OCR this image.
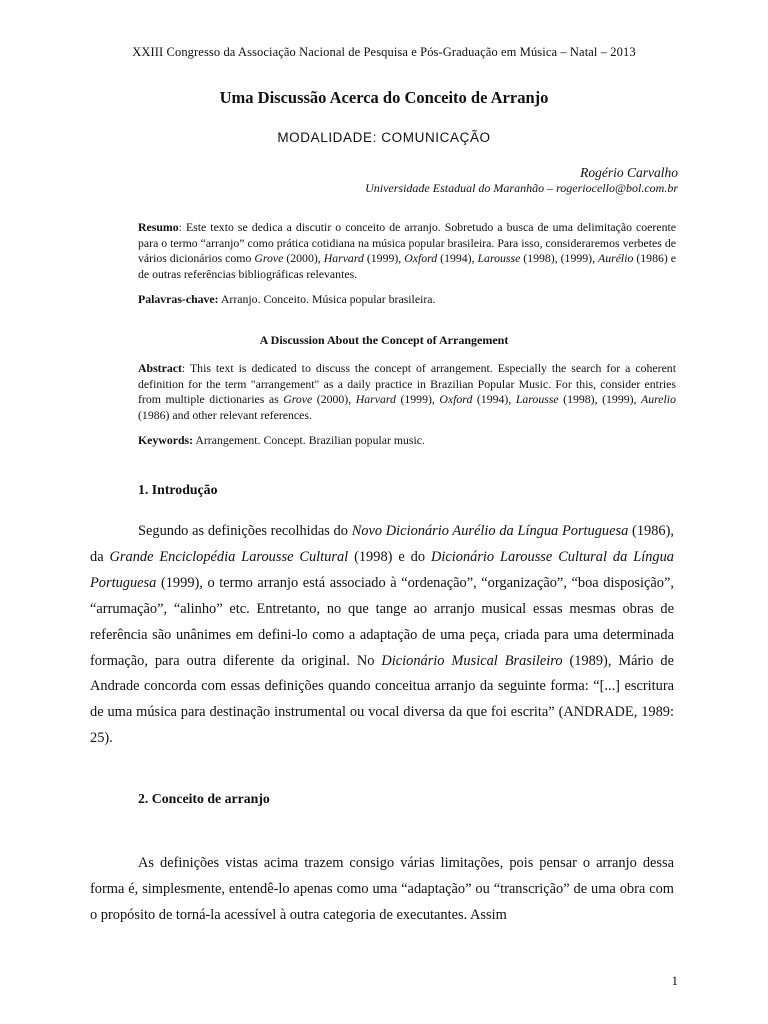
XXIII Congresso da Associação Nacional de Pesquisa e Pós-Graduação em Música – Natal – 2013
Uma Discussão Acerca do Conceito de Arranjo
MODALIDADE: COMUNICAÇÃO
Rogério Carvalho
Universidade Estadual do Maranhão – rogeriocello@bol.com.br
Resumo: Este texto se dedica a discutir o conceito de arranjo. Sobretudo a busca de uma delimitação coerente para o termo “arranjo” como prática cotidiana na música popular brasileira. Para isso, consideraremos verbetes de vários dicionários como Grove (2000), Harvard (1999), Oxford (1994), Larousse (1998), (1999), Aurélio (1986) e de outras referências bibliográficas relevantes.
Palavras-chave: Arranjo. Conceito. Música popular brasileira.
A Discussion About the Concept of Arrangement
Abstract: This text is dedicated to discuss the concept of arrangement. Especially the search for a coherent definition for the term "arrangement" as a daily practice in Brazilian Popular Music. For this, consider entries from multiple dictionaries as Grove (2000), Harvard (1999), Oxford (1994), Larousse (1998), (1999), Aurelio (1986) and other relevant references.
Keywords: Arrangement. Concept. Brazilian popular music.
1. Introdução
Segundo as definições recolhidas do Novo Dicionário Aurélio da Língua Portuguesa (1986), da Grande Enciclopédia Larousse Cultural (1998) e do Dicionário Larousse Cultural da Língua Portuguesa (1999), o termo arranjo está associado à “ordenação”, “organização”, “boa disposição”, “arrumação”, “alinho” etc. Entretanto, no que tange ao arranjo musical essas mesmas obras de referência são unânimes em defini-lo como a adaptação de uma peça, criada para uma determinada formação, para outra diferente da original. No Dicionário Musical Brasileiro (1989), Mário de Andrade concorda com essas definições quando conceitua arranjo da seguinte forma: “[...] escritura de uma música para destinação instrumental ou vocal diversa da que foi escrita” (ANDRADE, 1989: 25).
2. Conceito de arranjo
As definições vistas acima trazem consigo várias limitações, pois pensar o arranjo dessa forma é, simplesmente, entendê-lo apenas como uma “adaptação” ou “transcrição” de uma obra com o propósito de torná-la acessível à outra categoria de executantes. Assim
1
